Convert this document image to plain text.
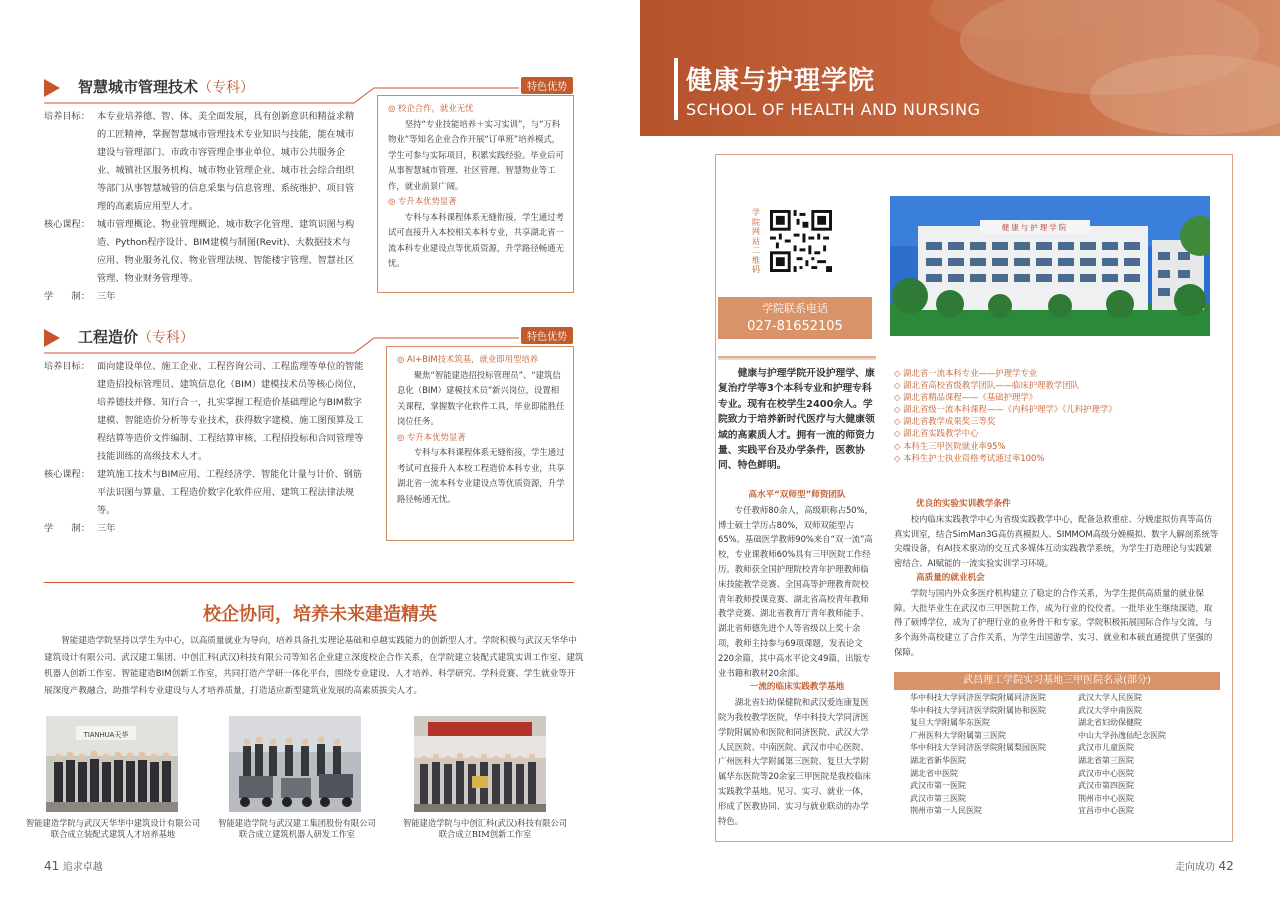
智慧城市管理技术（专科）	特色优势
培养目标： 本专业培养德、智、体、美全面发展，具有创新意识和精益求精的工匠精神，掌握智慧城市管理技术专业知识与技能，能在城市建设与管理部门、市政市容管理企事业单位、城市公共服务企业、城镇社区服务机构、城市物业管理企业、城市社会综合组织等部门从事智慧城管的信息采集与信息管理、系统维护、项目管理的高素质应用型人才。
核心课程： 城市管理概论、物业管理概论、城市数字化管理、建筑识图与构造、Python程序设计、BIM建模与制图(Revit)、大数据技术与应用、物业服务礼仪、物业管理法规、智能楼宇管理、智慧社区管理、物业财务管理等。
学　　制： 三年
◎ 校企合作，就业无忧
坚持“专业技能培养＋实习实训”，与“万科物业”等知名企业合作开展“订单班”培养模式，学生可参与实际项目，积累实践经验。毕业后可从事智慧城市管理、社区管理、智慧物业等工作，就业前景广阔。
◎ 专升本优势显著
专科与本科课程体系无缝衔接，学生通过考试可直接升入本校相关本科专业，共享湖北省一流本科专业建设点等优质资源，升学路径畅通无忧。
工程造价（专科）	特色优势
培养目标： 面向建设单位、施工企业、工程咨询公司、工程监理等单位的智能建造招投标管理员、建筑信息化（BIM）建模技术员等核心岗位，培养德技并修、知行合一，扎实掌握工程造价基础理论与BIM数字建模、智能造价分析等专业技术，获得数字建模、施工图预算及工程结算等造价文件编制、工程结算审核、工程招投标和合同管理等技能训练的高级技术人才。
核心课程： 建筑施工技术与BIM应用、工程经济学、智能化计量与计价、钢筋平法识图与算量、工程造价数字化软件应用、建筑工程法律法规等。
学　　制： 三年
◎ AI+BIM技术筑基，就业即用型培养
聚焦“智能建造招投标管理员”、“建筑信息化（BIM）建模技术员”新兴岗位，设置相关课程，掌握数字化软件工具，毕业即能胜任岗位任务。
◎ 专升本优势显著
专科与本科课程体系无缝衔接，学生通过考试可直接升入本校工程造价本科专业，共享湖北省一流本科专业建设点等优质资源，升学路径畅通无忧。
校企协同，培养未来建造精英
智能建造学院坚持以学生为中心，以高质量就业为导向，培养具备扎实理论基础和卓越实践能力的创新型人才。学院积极与武汉天华华中建筑设计有限公司、武汉建工集团、中创汇科(武汉)科技有限公司等知名企业建立深度校企合作关系，在学院建立装配式建筑实训工作室、建筑机器人创新工作室、智能建造BIM创新工作室，共同打造产学研一体化平台，围绕专业建设、人才培养、科学研究、学科竞赛、学生就业等开展深度产教融合，助推学科专业建设与人才培养质量，打造适应新型建筑业发展的高素质拔尖人才。
TIANHUA天华
智能建造学院与武汉天华华中建筑设计有限公司
联合成立装配式建筑人才培养基地
智能建造学院与武汉建工集团股份有限公司
联合成立建筑机器人研发工作室
智能建造学院与中创汇科(武汉)科技有限公司
联合成立BIM创新工作室
41 追求卓越
健康与护理学院
SCHOOL OF HEALTH AND NURSING
学院网站二维码
健康与护理学院
学院联系电话
027-81652105
健康与护理学院开设护理学、康复治疗学等3个本科专业和护理专科专业。现有在校学生2400余人。学院致力于培养新时代医疗与大健康领域的高素质人才。拥有一流的师资力量、实践平台及办学条件，医教协同、特色鲜明。
◇ 湖北省一流本科专业——护理学专业
◇ 湖北省高校省级教学团队——临床护理教学团队
◇ 湖北省精品课程——《基础护理学》
◇ 湖北省级一流本科课程——《内科护理学》《儿科护理学》
◇ 湖北省教学成果奖三等奖
◇ 湖北省实践教学中心
◇ 本科生三甲医院就业率95%
◇ 本科生护士执业资格考试通过率100%
高水平“双师型”师资团队
专任教师80余人，高级职称占50%，博士硕士学历占80%，双师双能型占65%。基础医学教师90%来自“双一流”高校，专业课教师60%具有三甲医院工作经历。教师获全国护理院校青年护理教师临床技能教学竞赛、全国高等护理教育院校青年教师授课竞赛、湖北省高校青年教师教学竞赛、湖北省教育厅青年教师能手、湖北省师德先进个人等省级以上奖十余项，教师主持参与69项课题，发表论文220余篇，其中高水平论文49篇，出版专业书籍和教材20余部。
一流的临床实践教学基地
湖北省妇幼保健院和武汉爱连康复医院为我校教学医院，华中科技大学同济医学院附属协和医院和同济医院、武汉大学人民医院、中南医院、武汉市中心医院、广州医科大学附属第三医院、复旦大学附属华东医院等20余家三甲医院是我校临床实践教学基地。见习、实习、就业一体，形成了医教协同、实习与就业联动的办学特色。
优良的实验实训教学条件
校内临床实践教学中心为省级实践教学中心，配备急救重症、分娩虚拟仿真等高仿真实训室，结合SimMan3G高仿真模拟人、SIMMOM高级分娩模拟、数字人解剖系统等尖端设备，有AI技术驱动的交互式多媒体互动实践教学系统，为学生打造理论与实践紧密结合、AI赋能的一流实验实训学习环境。
高质量的就业机会
学院与国内外众多医疗机构建立了稳定的合作关系，为学生提供高质量的就业保障。大批毕业生在武汉市三甲医院工作，成为行业的佼佼者。一批毕业生继续深造，取得了硕博学位，成为了护理行业的业务骨干和专家。学院积极拓展国际合作与交流，与多个海外高校建立了合作关系，为学生出国游学、实习、就业和本硕直通提供了坚强的保障。
武昌理工学院实习基地三甲医院名录(部分)
华中科技大学同济医学院附属同济医院	武汉大学人民医院
华中科技大学同济医学院附属协和医院	武汉大学中南医院
复旦大学附属华东医院	湖北省妇幼保健院
广州医科大学附属第三医院	中山大学孙逸仙纪念医院
华中科技大学同济医学院附属梨园医院	武汉市儿童医院
湖北省新华医院	湖北省第三医院
湖北省中医院	武汉市中心医院
武汉市第一医院	武汉市第四医院
武汉市第三医院	荆州市中心医院
荆州市第一人民医院	宜昌市中心医院
走向成功 42
